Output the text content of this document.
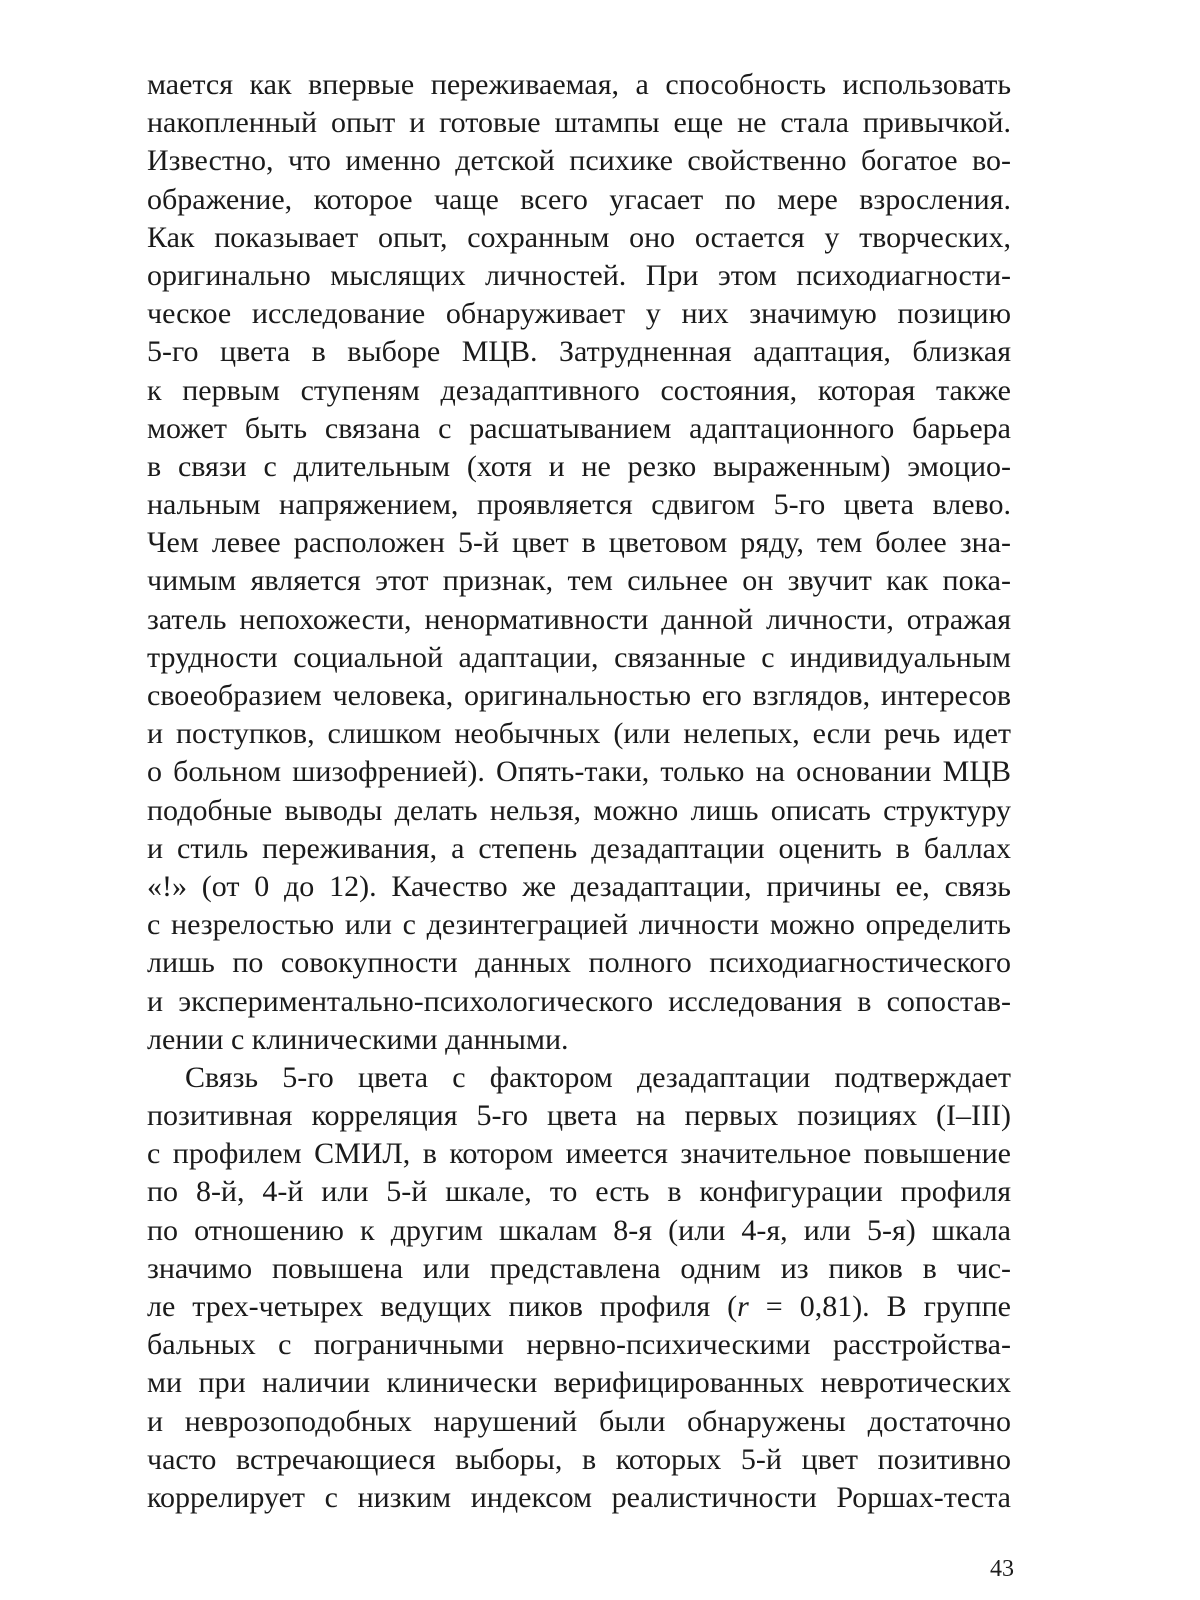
мается как впервые переживаемая, а способность использовать
накопленный опыт и готовые штампы еще не стала привычкой.
Известно, что именно детской психике свойственно богатое во-
ображение, которое чаще всего угасает по мере взросления.
Как показывает опыт, сохранным оно остается у творческих,
оригинально мыслящих личностей. При этом психодиагности-
ческое исследование обнаруживает у них значимую позицию
5-го цвета в выборе МЦВ. Затрудненная адаптация, близкая
к первым ступеням дезадаптивного состояния, которая также
может быть связана с расшатыванием адаптационного барьера
в связи с длительным (хотя и не резко выраженным) эмоцио-
нальным напряжением, проявляется сдвигом 5-го цвета влево.
Чем левее расположен 5-й цвет в цветовом ряду, тем более зна-
чимым является этот признак, тем сильнее он звучит как пока-
затель непохожести, ненормативности данной личности, отражая
трудности социальной адаптации, связанные с индивидуальным
своеобразием человека, оригинальностью его взглядов, интересов
и поступков, слишком необычных (или нелепых, если речь идет
о больном шизофренией). Опять-таки, только на основании МЦВ
подобные выводы делать нельзя, можно лишь описать структуру
и стиль переживания, а степень дезадаптации оценить в баллах
«!» (от 0 до 12). Качество же дезадаптации, причины ее, связь
с незрелостью или с дезинтеграцией личности можно определить
лишь по совокупности данных полного психодиагностического
и экспериментально-психологического исследования в сопостав-
лении с клиническими данными.
Связь 5-го цвета с фактором дезадаптации подтверждает
позитивная корреляция 5-го цвета на первых позициях (I–III)
с профилем СМИЛ, в котором имеется значительное повышение
по 8-й, 4-й или 5-й шкале, то есть в конфигурации профиля
по отношению к другим шкалам 8-я (или 4-я, или 5-я) шкала
значимо повышена или представлена одним из пиков в чис-
ле трех-четырех ведущих пиков профиля (r = 0,81). В группе
бальных с пограничными нервно-психическими расстройства-
ми при наличии клинически верифицированных невротических
и неврозоподобных нарушений были обнаружены достаточно
часто встречающиеся выборы, в которых 5-й цвет позитивно
коррелирует с низким индексом реалистичности Роршах-теста
43
